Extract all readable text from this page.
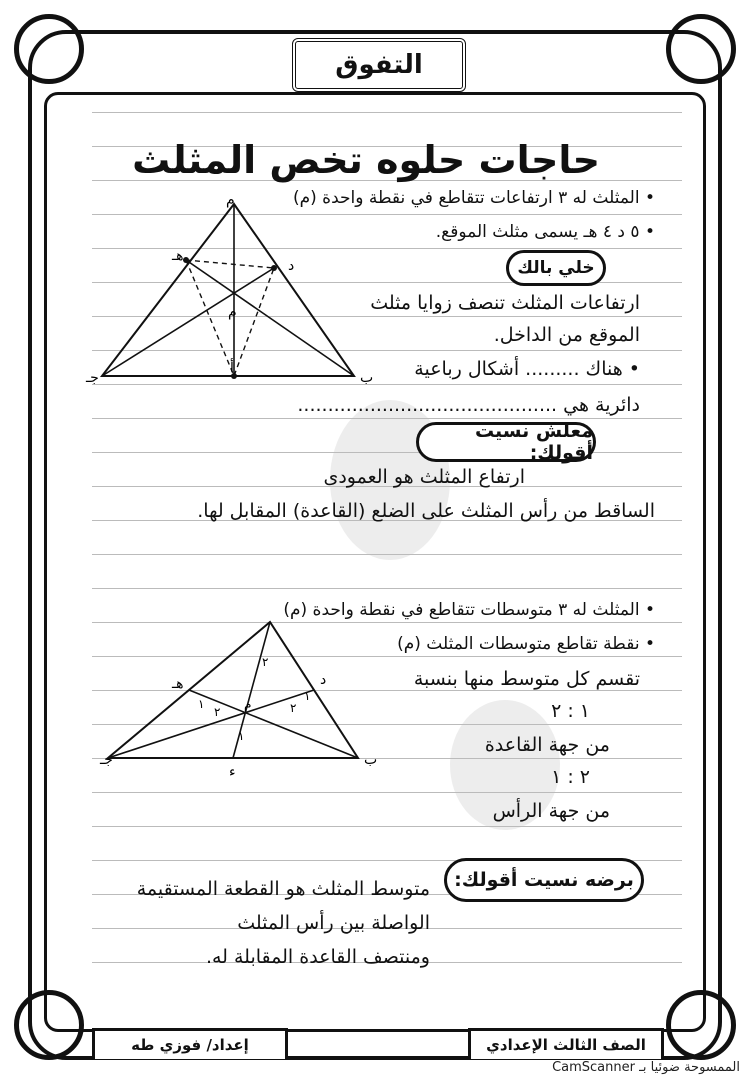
التفوق
حاجات حلوه تخص المثلث
• المثلث له ٣ ارتفاعات تتقاطع في نقطة واحدة (م)
• ٥ د ٤ هـ يسمى مثلث الموقع.
خلي بالك
ارتفاعات المثلث تنصف زوايا مثلث
الموقع من الداخل.
• هناك ......... أشكال رباعية
دائرية هي ...........................................
م
جـ	ب
أ
هـ
د
م
معلش نسيت أقولك:
ارتفاع المثلث هو العمودى
الساقط من رأس المثلث على الضلع (القاعدة) المقابل لها.
• المثلث له ٣ متوسطات تتقاطع في نقطة واحدة (م)
• نقطة تقاطع متوسطات المثلث (م)
تقسم كل متوسط منها بنسبة
١ : ٢
من جهة القاعدة
٢ : ١
من جهة الرأس
جـ	ب
ء
د
هـ
م
٢
٢	٢
١
١
١
برضه نسيت أقولك:
متوسط المثلث هو القطعة المستقيمة
الواصلة بين رأس المثلث
ومنتصف القاعدة المقابلة له.
الصف الثالث الإعدادي
إعداد/ فوزي طه
الممسوحة ضوئيا بـ CamScanner
